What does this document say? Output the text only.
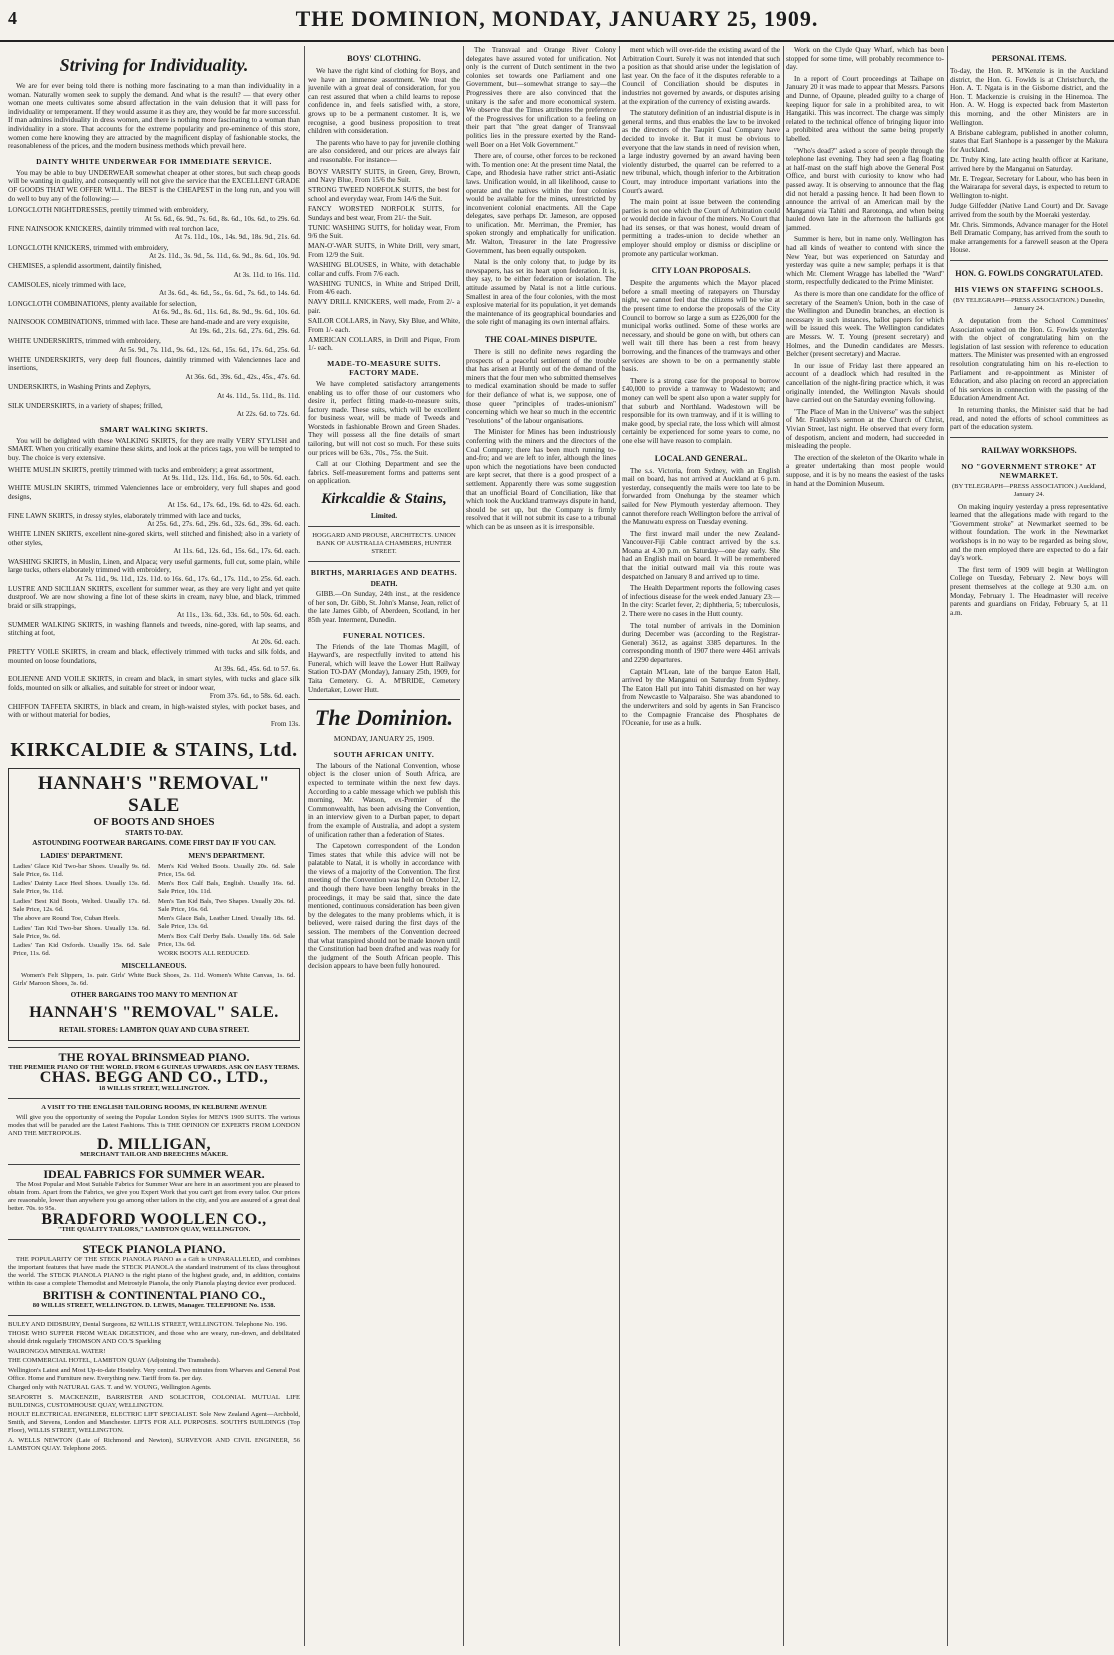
4	THE DOMINION, MONDAY, JANUARY 25, 1909.
Striving for Individuality.

We are for ever being told there is nothing more fascinating to a man than individuality in a woman. Naturally women seek to supply the demand. And what is the result? — that every other woman one meets cultivates some absurd affectation in the vain delusion that it will pass for individuality or temperament. If they would assume it as they are, they would be far more successful. If man admires individuality in dress women, and there is nothing more fascinating to a woman than individuality in a store. That accounts for the extreme popularity and pre-eminence of this store, women come here knowing they are attracted by the magnificent display of fashionable stocks, the reasonableness of the prices, and the modern business methods which prevail here.

DAINTY WHITE UNDERWEAR FOR IMMEDIATE SERVICE.

You may be able to buy UNDERWEAR somewhat cheaper at other stores, but such cheap goods will be wanting in quality, and consequently will not give the service that the EXCELLENT GRADE OF GOODS THAT WE OFFER WILL. The BEST is the CHEAPEST in the long run, and you will do well to buy any of the following:—

LONGCLOTH NIGHTDRESSES, prettily trimmed with embroidery,
At 5s. 6d., 6s. 9d., 7s. 6d., 8s. 6d., 10s. 6d., to 29s. 6d.
FINE NAINSOOK KNICKERS, daintily trimmed with real torchon lace,
At 7s. 11d., 10s., 14s. 9d., 18s. 9d., 21s. 6d.
LONGCLOTH KNICKERS, trimmed with embroidery,
At 2s. 11d., 3s. 9d., 5s. 11d., 6s. 9d., 8s. 6d., 10s. 9d.
CHEMISES, a splendid assortment, daintily finished,
At 3s. 11d. to 16s. 11d.
CAMISOLES, nicely trimmed with lace,
At 3s. 6d., 4s. 6d., 5s., 6s. 6d., 7s. 6d., to 14s. 6d.
LONGCLOTH COMBINATIONS, plenty available for selection,
At 6s. 9d., 8s. 6d., 11s. 6d., 8s. 9d., 9s. 6d., 10s. 6d.
NAINSOOK COMBINATIONS, trimmed with lace. These are hand-made and are very exquisite,
At 19s. 6d., 21s. 6d., 27s. 6d., 29s. 6d.
WHITE UNDERSKIRTS, trimmed with embroidery,
At 5s. 9d., 7s. 11d., 9s. 6d., 12s. 6d., 15s. 6d., 17s. 6d., 25s. 6d.
WHITE UNDERSKIRTS, very deep full flounces, daintily trimmed with Valenciennes lace and insertions,
At 36s. 6d., 39s. 6d., 42s., 45s., 47s. 6d.
UNDERSKIRTS, in Washing Prints and Zephyrs,
At 4s. 11d., 5s. 11d., 8s. 11d.
SILK UNDERSKIRTS, in a variety of shapes; frilled,
At 22s. 6d. to 72s. 6d.
SMART WALKING SKIRTS.

You will be delighted with these WALKING SKIRTS, for they are really VERY STYLISH and SMART. When you critically examine these skirts, and look at the prices tags, you will be tempted to buy. The choice is very extensive.

WHITE MUSLIN SKIRTS, prettily trimmed with tucks and embroidery; a great assortment,
At 9s. 11d., 12s. 11d., 16s. 6d., to 50s. 6d. each.
WHITE MUSLIN SKIRTS, trimmed Valenciennes lace or embroidery, very full shapes and good designs,
At 15s. 6d., 17s. 6d., 19s. 6d. to 42s. 6d. each.
FINE LAWN SKIRTS, in dressy styles, elaborately trimmed with lace and tucks,
At 25s. 6d., 27s. 6d., 29s. 6d., 32s. 6d., 39s. 6d. each.
WHITE LINEN SKIRTS, excellent nine-gored skirts, well stitched and finished; also in a variety of other styles,
At 11s. 6d., 12s. 6d., 15s. 6d., 17s. 6d. each.
WASHING SKIRTS, in Muslin, Linen, and Alpaca; very useful garments, full cut, some plain, while large tucks, others elaborately trimmed with embroidery,
At 7s. 11d., 9s. 11d., 12s. 11d. to 16s. 6d., 17s. 6d., 17s. 11d., to 25s. 6d. each.
LUSTRE AND SICILIAN SKIRTS, excellent for summer wear, as they are very light and yet quite dustproof. We are now showing a fine lot of these skirts in cream, navy blue, and black, trimmed braid or silk strappings,
At 11s., 13s. 6d., 33s. 6d., to 50s. 6d. each.
SUMMER WALKING SKIRTS, in washing flannels and tweeds, nine-gored, with lap seams, and stitching at foot,
At 20s. 6d. each.
PRETTY VOILE SKIRTS, in cream and black, effectively trimmed with tucks and silk folds, and mounted on loose foundations,
At 39s. 6d., 45s. 6d. to 57. 6s.
EOLIENNE AND VOILE SKIRTS, in cream and black, in smart styles, with tucks and glace silk folds, mounted on silk or alkalies, and suitable for street or indoor wear,
From 37s. 6d., to 58s. 6d. each.
CHIFFON TAFFETA SKIRTS, in black and cream, in high-waisted styles, with pocket bases, and with or without material for bodies,
From 13s.
KIRKCALDIE & STAINS, Ltd.
HANNAH'S "REMOVAL" SALE
OF BOOTS AND SHOES
STARTS TO-DAY.
ASTOUNDING FOOTWEAR BARGAINS. COME FIRST DAY IF YOU CAN.
LADIES' DEPARTMENT.

Ladies' Glace Kid Two-bar Shoes. Usually 9s. 6d. Sale Price, 6s. 11d.

Ladies' Dainty Lace Heel Shoes. Usually 13s. 6d. Sale Price, 9s. 11d.

Ladies' Best Kid Boots, Welted. Usually 17s. 6d. Sale Price, 12s. 6d.

The above are Round Toe, Cuban Heels.

Ladies' Tan Kid Two-bar Shoes. Usually 13s. 6d. Sale Price, 9s. 6d.

Ladies' Tan Kid Oxfords. Usually 15s. 6d. Sale Price, 11s. 6d.

MEN'S DEPARTMENT.

Men's Kid Welted Boots. Usually 20s. 6d. Sale Price, 15s. 6d.

Men's Box Calf Bals, English. Usually 16s. 6d. Sale Price, 10s. 11d.

Men's Tan Kid Bals, Two Shapes. Usually 20s. 6d. Sale Price, 16s. 6d.

Men's Glace Bals, Leather Lined. Usually 18s. 6d. Sale Price, 13s. 6d.

Men's Box Calf Derby Bals. Usually 18s. 6d. Sale Price, 13s. 6d.

WORK BOOTS ALL REDUCED.

MISCELLANEOUS.

Women's Felt Slippers, 1s. pair. Girls' White Buck Shoes, 2s. 11d. Women's White Canvas, 1s. 6d. Girls' Maroon Shoes, 3s. 6d.

OTHER BARGAINS TOO MANY TO MENTION AT
HANNAH'S "REMOVAL" SALE.
RETAIL STORES: LAMBTON QUAY AND CUBA STREET.
THE ROYAL BRINSMEAD PIANO.
THE PREMIER PIANO OF THE WORLD. FROM 6 GUINEAS UPWARDS. ASK ON EASY TERMS.
CHAS. BEGG AND CO., LTD.,
18 WILLIS STREET, WELLINGTON.
A VISIT TO THE ENGLISH TAILORING ROOMS, IN KELBURNE AVENUE

Will give you the opportunity of seeing the Popular London Styles for MEN'S 1909 SUITS. The various modes that will be paraded are the Latest Fashions. This is THE OPINION OF EXPERTS FROM LONDON AND THE METROPOLIS.

D. MILLIGAN,
MERCHANT TAILOR AND BREECHES MAKER.
IDEAL FABRICS FOR SUMMER WEAR.

The Most Popular and Most Suitable Fabrics for Summer Wear are here in an assortment you are pleased to obtain from. Apart from the Fabrics, we give you Expert Work that you can't get from every tailor. Our prices are reasonable, lower than anywhere you go among other tailors in the city, and you are assured of a great deal better. 70s. to 95s.

BRADFORD WOOLLEN CO.,
"THE QUALITY TAILORS," LAMBTON QUAY, WELLINGTON.
STECK PIANOLA PIANO.

THE POPULARITY OF THE STECK PIANOLA PIANO as a Gift is UNPARALLELED, and combines the important features that have made the STECK PIANOLA the standard instrument of its class throughout the world. The STECK PIANOLA PIANO is the right piano of the highest grade, and, in addition, contains within its case a complete Themodist and Metrostyle Pianola, the only Pianola playing device ever produced.

BRITISH & CONTINENTAL PIANO CO.,
80 WILLIS STREET, WELLINGTON. D. LEWIS, Manager. TELEPHONE No. 1538.

BULEY AND DIDSBURY, Dental Surgeons, 82 WILLIS STREET, WELLINGTON. Telephone No. 196.

THOSE WHO SUFFER FROM WEAK DIGESTION, and those who are weary, run-down, and debilitated should drink regularly THOMSON AND CO.'S Sparkling

WAIRONGOA MINERAL WATER!

THE COMMERCIAL HOTEL, LAMBTON QUAY (Adjoining the Tramsheds).

Wellington's Latest and Most Up-to-date Hostelry. Very central. Two minutes from Wharves and General Post Office. Home and Furniture new. Everything new. Tariff from 6s. per day.

Charged only with NATURAL GAS. T. and W. YOUNG, Wellington Agents.

SEAFORTH S. MACKENZIE, BARRISTER AND SOLICITOR, COLONIAL MUTUAL LIFE BUILDINGS, CUSTOMHOUSE QUAY, WELLINGTON.

HOULT ELECTRICAL ENGINEER, ELECTRIC LIFT SPECIALIST. Sole New Zealand Agent—Archbold, Smith, and Stevens, London and Manchester. LIFTS FOR ALL PURPOSES. SOUTH'S BUILDINGS (Top Floor), WILLIS STREET, WELLINGTON.

A. WELLS NEWTON (Late of Richmond and Newton), SURVEYOR AND CIVIL ENGINEER, 56 LAMBTON QUAY. Telephone 2065.

BOYS' CLOTHING.

We have the right kind of clothing for Boys, and we have an immense assortment. We treat the juvenile with a great deal of consideration, for you can rest assured that when a child learns to repose confidence in, and feels satisfied with, a store, grows up to be a permanent customer. It is, we recognise, a good business proposition to treat children with consideration.

The parents who have to pay for juvenile clothing are also considered, and our prices are always fair and reasonable. For instance—

BOYS' VARSITY SUITS, in Green, Grey, Brown, and Navy Blue, From 15/6 the Suit.

STRONG TWEED NORFOLK SUITS, the best for school and everyday wear, From 14/6 the Suit.

FANCY WORSTED NORFOLK SUITS, for Sundays and best wear, From 21/- the Suit.

TUNIC WASHING SUITS, for holiday wear, From 9/6 the Suit.

MAN-O'-WAR SUITS, in White Drill, very smart, From 12/9 the Suit.

WASHING BLOUSES, in White, with detachable collar and cuffs. From 7/6 each.

WASHING TUNICS, in White and Striped Drill, From 4/6 each.

NAVY DRILL KNICKERS, well made, From 2/- a pair.

SAILOR COLLARS, in Navy, Sky Blue, and White, From 1/- each.

AMERICAN COLLARS, in Drill and Pique, From 1/- each.

MADE-TO-MEASURE SUITS. FACTORY MADE.

We have completed satisfactory arrangements enabling us to offer those of our customers who desire it, perfect fitting made-to-measure suits, factory made. These suits, which will be excellent for business wear, will be made of Tweeds and Worsteds in fashionable Brown and Green Shades. They will possess all the fine details of smart tailoring, but will not cost so much. For these suits our prices will be 63s., 70s., 75s. the Suit.

Call at our Clothing Department and see the fabrics. Self-measurement forms and patterns sent on application.

Kirkcaldie & Stains,
Limited.

HOGGARD AND PROUSE, ARCHITECTS. UNION BANK OF AUSTRALIA CHAMBERS, HUNTER STREET.

BIRTHS, MARRIAGES AND DEATHS.
DEATH.

GIBB.—On Sunday, 24th inst., at the residence of her son, Dr. Gibb, St. John's Manse, Jean, relict of the late James Gibb, of Aberdeen, Scotland, in her 85th year. Interment, Dunedin.

FUNERAL NOTICES.

The Friends of the late Thomas Magill, of Hayward's, are respectfully invited to attend his Funeral, which will leave the Lower Hutt Railway Station TO-DAY (Monday), January 25th, 1909, for Taita Cemetery. G. A. M'BRIDE, Cemetery Undertaker, Lower Hutt.

The Dominion.
MONDAY, JANUARY 25, 1909.
SOUTH AFRICAN UNITY.

The labours of the National Convention, whose object is the closer union of South Africa, are expected to terminate within the next few days. According to a cable message which we publish this morning, Mr. Watson, ex-Premier of the Commonwealth, has been advising the Convention, in an interview given to a Durban paper, to depart from the example of Australia, and adopt a system of unification rather than a federation of States.

The Capetown correspondent of the London Times states that while this advice will not be palatable to Natal, it is wholly in accordance with the views of a majority of the Convention. The first meeting of the Convention was held on October 12, and though there have been lengthy breaks in the proceedings, it may be said that, since the date mentioned, continuous consideration has been given by the delegates to the many problems which, it is believed, were raised during the first days of the session. The members of the Convention decreed that what transpired should not be made known until the Constitution had been drafted and was ready for the judgment of the South African people. This decision appears to have been fully honoured.

The Transvaal and Orange River Colony delegates have assured voted for unification. Not only is the current of Dutch sentiment in the two colonies set towards one Parliament and one Government, but—somewhat strange to say—the Progressives there are also convinced that the unitary is the safer and more economical system. We observe that the Times attributes the preference of the Progressives for unification to a feeling on their part that "the great danger of Transvaal politics lies in the pressure exerted by the Rand-well Boer on a Het Volk Government."

There are, of course, other forces to be reckoned with. To mention one: At the present time Natal, the Cape, and Rhodesia have rather strict anti-Asiatic laws. Unification would, in all likelihood, cause to operate and the natives within the four colonies would be available for the mines, unrestricted by inconvenient colonial enactments. All the Cape delegates, save perhaps Dr. Jameson, are opposed to unification. Mr. Merriman, the Premier, has spoken strongly and emphatically for unification. Mr. Walton, Treasurer in the late Progressive Government, has been equally outspoken.

Natal is the only colony that, to judge by its newspapers, has set its heart upon federation. It is, they say, to be either federation or isolation. The attitude assumed by Natal is not a little curious. Smallest in area of the four colonies, with the most explosive material for its population, it yet demands the maintenance of its geographical boundaries and the sole right of managing its own internal affairs.

THE COAL-MINES DISPUTE.

There is still no definite news regarding the prospects of a peaceful settlement of the trouble that has arisen at Huntly out of the demand of the miners that the four men who submitted themselves to medical examination should be made to suffer for their defiance of what is, we suppose, one of those queer "principles of trades-unionism" concerning which we hear so much in the eccentric "resolutions" of the labour organisations.

The Minister for Mines has been industriously conferring with the miners and the directors of the Coal Company; there has been much running to-and-fro; and we are left to infer, although the lines upon which the negotiations have been conducted are kept secret, that there is a good prospect of a settlement. Apparently there was some suggestion that an unofficial Board of Conciliation, like that which took the Auckland tramways dispute in hand, should be set up, but the Company is firmly resolved that it will not submit its case to a tribunal which can be as unseen as it is irresponsible.

ment which will over-ride the existing award of the Arbitration Court. Surely it was not intended that such a position as that should arise under the legislation of last year. On the face of it the disputes referable to a Council of Conciliation should be disputes in industries not governed by awards, or disputes arising at the expiration of the currency of existing awards.

The statutory definition of an industrial dispute is in general terms, and thus enables the law to be invoked as the directors of the Taupiri Coal Company have decided to invoke it. But it must be obvious to everyone that the law stands in need of revision when, a large industry governed by an award having been violently disturbed, the quarrel can be referred to a new tribunal, which, though inferior to the Arbitration Court, may introduce important variations into the Court's award.

The main point at issue between the contending parties is not one which the Court of Arbitration could or would decide in favour of the miners. No Court that had its senses, or that was honest, would dream of permitting a trades-union to decide whether an employer should employ or dismiss or discipline or promote any particular workman.

CITY LOAN PROPOSALS.

Despite the arguments which the Mayor placed before a small meeting of ratepayers on Thursday night, we cannot feel that the citizens will be wise at the present time to endorse the proposals of the City Council to borrow so large a sum as £226,000 for the municipal works outlined. Some of these works are necessary, and should be gone on with, but others can well wait till there has been a rest from heavy borrowing, and the finances of the tramways and other services are shown to be on a permanently stable basis.

There is a strong case for the proposal to borrow £40,000 to provide a tramway to Wadestown; and money can well be spent also upon a water supply for that suburb and Northland. Wadestown will be responsible for its own tramway, and if it is willing to make good, by special rate, the loss which will almost certainly be experienced for some years to come, no one else will have reason to complain.

LOCAL AND GENERAL.

The s.s. Victoria, from Sydney, with an English mail on board, has not arrived at Auckland at 6 p.m. yesterday, consequently the mails were too late to be forwarded from Onehunga by the steamer which sailed for New Plymouth yesterday afternoon. They cannot therefore reach Wellington before the arrival of the Manuwatu express on Tuesday evening.

The first inward mail under the new Zealand-Vancouver-Fiji Cable contract arrived by the s.s. Moana at 4.30 p.m. on Saturday—one day early. She had an English mail on board. It will be remembered that the initial outward mail via this route was despatched on January 8 and arrived up to time.

The Health Department reports the following cases of infectious disease for the week ended January 23:—In the city: Scarlet fever, 2; diphtheria, 5; tuberculosis, 2. There were no cases in the Hutt county.

The total number of arrivals in the Dominion during December was (according to the Registrar-General) 3612, as against 3385 departures. In the corresponding month of 1907 there were 4461 arrivals and 2290 departures.

Captain M'Lean, late of the barque Eaton Hall, arrived by the Manganui on Saturday from Sydney. The Eaton Hall put into Tahiti dismasted on her way from Newcastle to Valparaiso. She was abandoned to the underwriters and sold by agents in San Francisco to the Compagnie Francaise des Phosphates de l'Oceanie, for use as a hulk.

Work on the Clyde Quay Wharf, which has been stopped for some time, will probably recommence to-day.

In a report of Court proceedings at Taihape on January 20 it was made to appear that Messrs. Parsons and Dunne, of Opaune, pleaded guilty to a charge of keeping liquor for sale in a prohibited area, to wit Hangatiki. This was incorrect. The charge was simply related to the technical offence of bringing liquor into a prohibited area without the same being properly labelled.

"Who's dead?" asked a score of people through the telephone last evening. They had seen a flag floating at half-mast on the staff high above the General Post Office, and burst with curiosity to know who had passed away. It is observing to announce that the flag did not herald a passing hence. It had been flown to announce the arrival of an American mail by the Manganui via Tahiti and Rarotonga, and when being hauled down late in the afternoon the halliards got jammed.

Summer is here, but in name only. Wellington has had all kinds of weather to contend with since the New Year, but was experienced on Saturday and yesterday was quite a new sample; perhaps it is that which Mr. Clement Wragge has labelled the "Ward" storm, respectfully dedicated to the Prime Minister.

As there is more than one candidate for the office of secretary of the Seamen's Union, both in the case of the Wellington and Dunedin branches, an election is necessary in such instances, ballot papers for which will be issued this week. The Wellington candidates are Messrs. W. T. Young (present secretary) and Holmes, and the Dunedin candidates are Messrs. Belcher (present secretary) and Macrae.

In our issue of Friday last there appeared an account of a deadlock which had resulted in the cancellation of the night-firing practice which, it was originally intended, the Wellington Navals should have carried out on the Saturday evening following.

"The Place of Man in the Universe" was the subject of Mr. Franklyn's sermon at the Church of Christ, Vivian Street, last night. He observed that every form of despotism, ancient and modern, had succeeded in misleading the people.

The erection of the skeleton of the Okarito whale in a greater undertaking than most people would suppose, and it is by no means the easiest of the tasks in hand at the Dominion Museum.

PERSONAL ITEMS.

To-day, the Hon. R. M'Kenzie is in the Auckland district, the Hon. G. Fowlds is at Christchurch, the Hon. A. T. Ngata is in the Gisborne district, and the Hon. T. Mackenzie is cruising in the Hinemoa. The Hon. A. W. Hogg is expected back from Masterton this morning, and the other Ministers are in Wellington.

A Brisbane cablegram, published in another column, states that Earl Stanhope is a passenger by the Makura for Auckland.

Dr. Truby King, late acting health officer at Karitane, arrived here by the Manganui on Saturday.

Mr. E. Tregear, Secretary for Labour, who has been in the Wairarapa for several days, is expected to return to Wellington to-night.

Judge Gilfedder (Native Land Court) and Dr. Savage arrived from the south by the Moeraki yesterday.

Mr. Chris. Simmonds, Advance manager for the Hotel Bell Dramatic Company, has arrived from the south to make arrangements for a farewell season at the Opera House.

HON. G. FOWLDS CONGRATULATED.
HIS VIEWS ON STAFFING SCHOOLS.
(BY TELEGRAPH—PRESS ASSOCIATION.) Dunedin, January 24.

A deputation from the School Committees' Association waited on the Hon. G. Fowlds yesterday with the object of congratulating him on the legislation of last session with reference to education matters. The Minister was presented with an engrossed resolution congratulating him on his re-election to Parliament and re-appointment as Minister of Education, and also placing on record an appreciation of his services in connection with the passing of the Education Amendment Act.

In returning thanks, the Minister said that he had read, and noted the efforts of school committees as part of the education system.

RAILWAY WORKSHOPS.
NO "GOVERNMENT STROKE" AT NEWMARKET.
(BY TELEGRAPH—PRESS ASSOCIATION.) Auckland, January 24.

On making inquiry yesterday a press representative learned that the allegations made with regard to the "Government stroke" at Newmarket seemed to be without foundation. The work in the Newmarket workshops is in no way to be regarded as being slow, and the men employed there are expected to do a fair day's work.

The first term of 1909 will begin at Wellington College on Tuesday, February 2. New boys will present themselves at the college at 9.30 a.m. on Monday, February 1. The Headmaster will receive parents and guardians on Friday, February 5, at 11 a.m.
